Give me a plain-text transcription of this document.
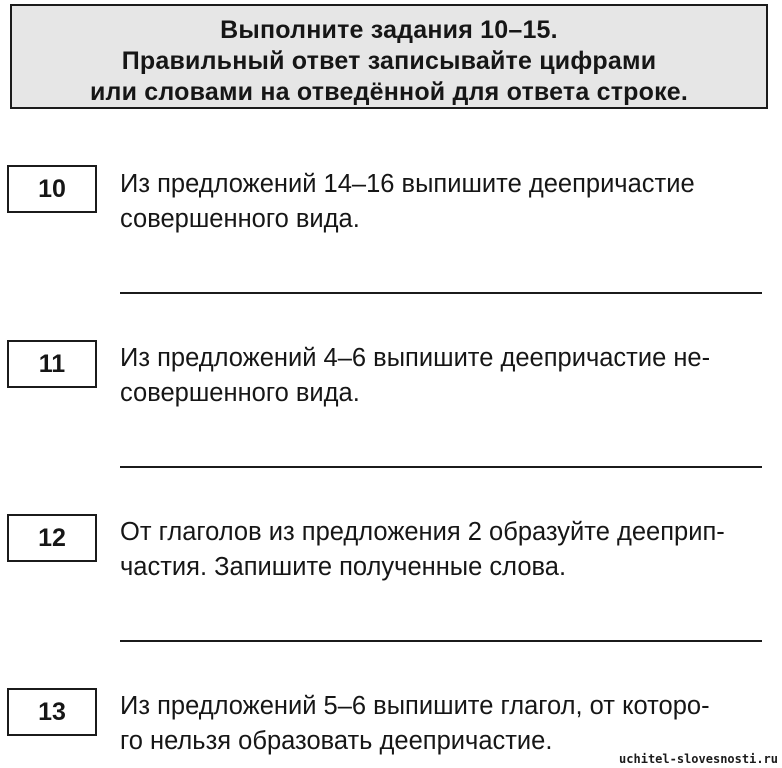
Выполните задания 10–15.
Правильный ответ записывайте цифрами
или словами на отведённой для ответа строке.
10	Из предложений 14–16 выпишите деепричастие
совершенного вида.
11	Из предложений 4–6 выпишите деепричастие не-
совершенного вида.
12	От глаголов из предложения 2 образуйте дееприп-
частия. Запишите полученные слова.
13	Из предложений 5–6 выпишите глагол, от которо-
го нельзя образовать деепричастие.
uchitel-slovesnosti.ru
